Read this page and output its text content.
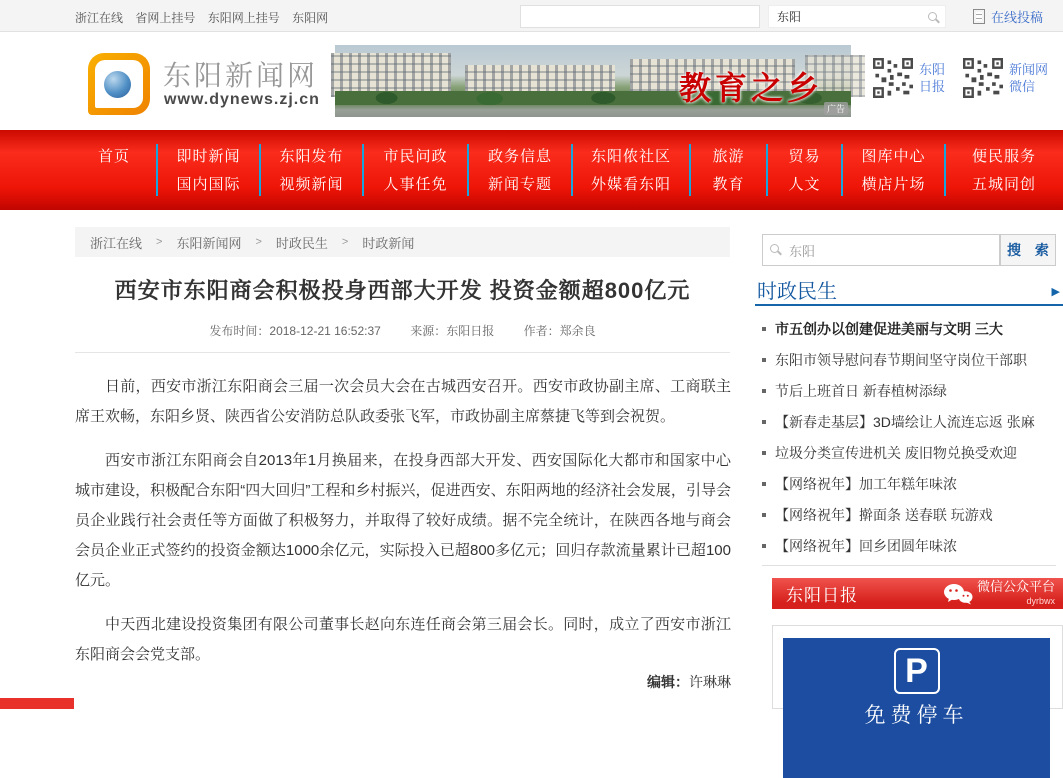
浙江在线 省网上挂号 东阳网上挂号 东阳网	东阳	在线投稿
东阳新闻网
www.dynews.zj.cn	教育之乡
广告
东阳
日报
新闻网
微信
首页	即时新闻
国内国际
东阳发布
视频新闻
市民问政
人事任免
政务信息
新闻专题
东阳侬社区
外媒看东阳
旅游
教育
贸易
人文
图库中心
横店片场
便民服务
五城同创
浙江在线 > 东阳新闻网 > 时政民生 > 时政新闻
西安市东阳商会积极投身西部大开发 投资金额超800亿元
发布时间：2018-12-21 16:52:37 来源：东阳日报 作者：郑余良

日前，西安市浙江东阳商会三届一次会员大会在古城西安召开。西安市政协副主席、工商联主席王欢畅，东阳乡贤、陕西省公安消防总队政委张飞军，市政协副主席蔡捷飞等到会祝贺。

西安市浙江东阳商会自2013年1月换届来，在投身西部大开发、西安国际化大都市和国家中心城市建设，积极配合东阳“四大回归”工程和乡村振兴，促进西安、东阳两地的经济社会发展，引导会员企业践行社会责任等方面做了积极努力，并取得了较好成绩。据不完全统计，在陕西各地与商会会员企业正式签约的投资金额达1000余亿元，实际投入已超800多亿元；回归存款流量累计已超100亿元。

中天西北建设投资集团有限公司董事长赵向东连任商会第三届会长。同时，成立了西安市浙江东阳商会会党支部。

编辑：许琳琳
东阳
搜 索
时政民生	▶
市五创办以创建促进美丽与文明 三大
东阳市领导慰问春节期间坚守岗位干部职
节后上班首日 新春植树添绿
【新春走基层】3D墙绘让人流连忘返 张麻
垃圾分类宣传进机关 废旧物兑换受欢迎
【网络祝年】加工年糕年味浓
【网络祝年】擀面条 送春联 玩游戏
【网络祝年】回乡团圆年味浓
东阳日报	微信公众平台
dyrbwx
P
免费停车
